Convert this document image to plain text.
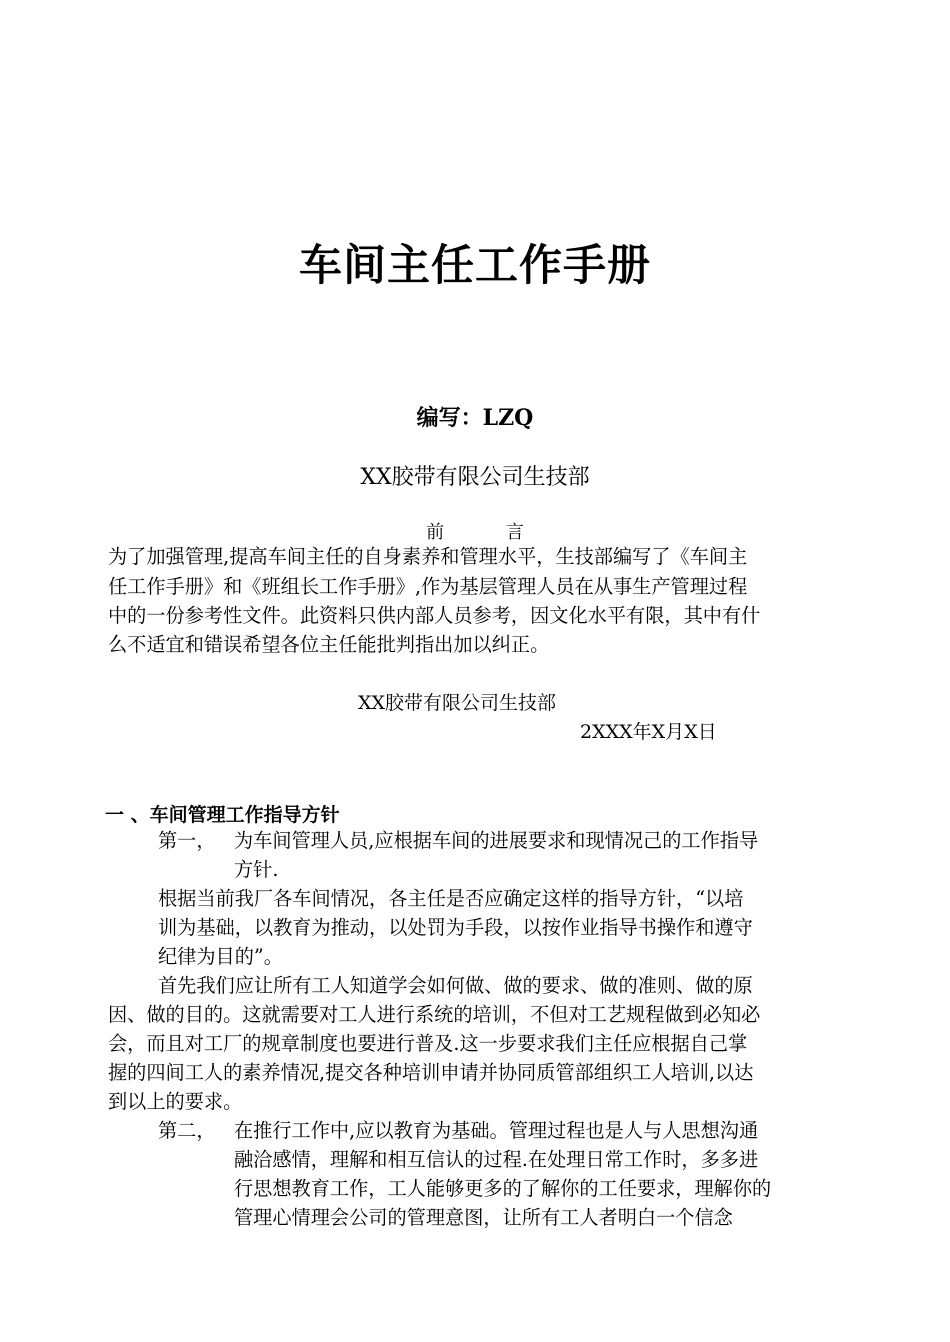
车间主任工作手册
编写：LZQ
XX胶带有限公司生技部
前 言
为了加强管理,提高车间主任的自身素养和管理水平，生技部编写了《车间主
任工作手册》和《班组长工作手册》,作为基层管理人员在从事生产管理过程
中的一份参考性文件。此资料只供内部人员参考，因文化水平有限，其中有什
么不适宜和错误希望各位主任能批判指出加以纠正。
XX胶带有限公司生技部
2XXX年X月X日
一 、车间管理工作指导方针
第一， 为车间管理人员,应根据车间的进展要求和现情况己的工作指导
方针.
根据当前我厂各车间情况，各主任是否应确定这样的指导方针，“以培
训为基础，以教育为推动，以处罚为手段，以按作业指导书操作和遵守
纪律为目的”。
首先我们应让所有工人知道学会如何做、做的要求、做的准则、做的原
因、做的目的。这就需要对工人进行系统的培训，不但对工艺规程做到必知必
会，而且对工厂的规章制度也要进行普及.这一步要求我们主任应根据自己掌
握的四间工人的素养情况,提交各种培训申请并协同质管部组织工人培训,以达
到以上的要求。
第二， 在推行工作中,应以教育为基础。管理过程也是人与人思想沟通
融洽感情，理解和相互信认的过程.在处理日常工作时，多多进
行思想教育工作，工人能够更多的了解你的工任要求，理解你的
管理心情理会公司的管理意图，让所有工人者明白一个信念
